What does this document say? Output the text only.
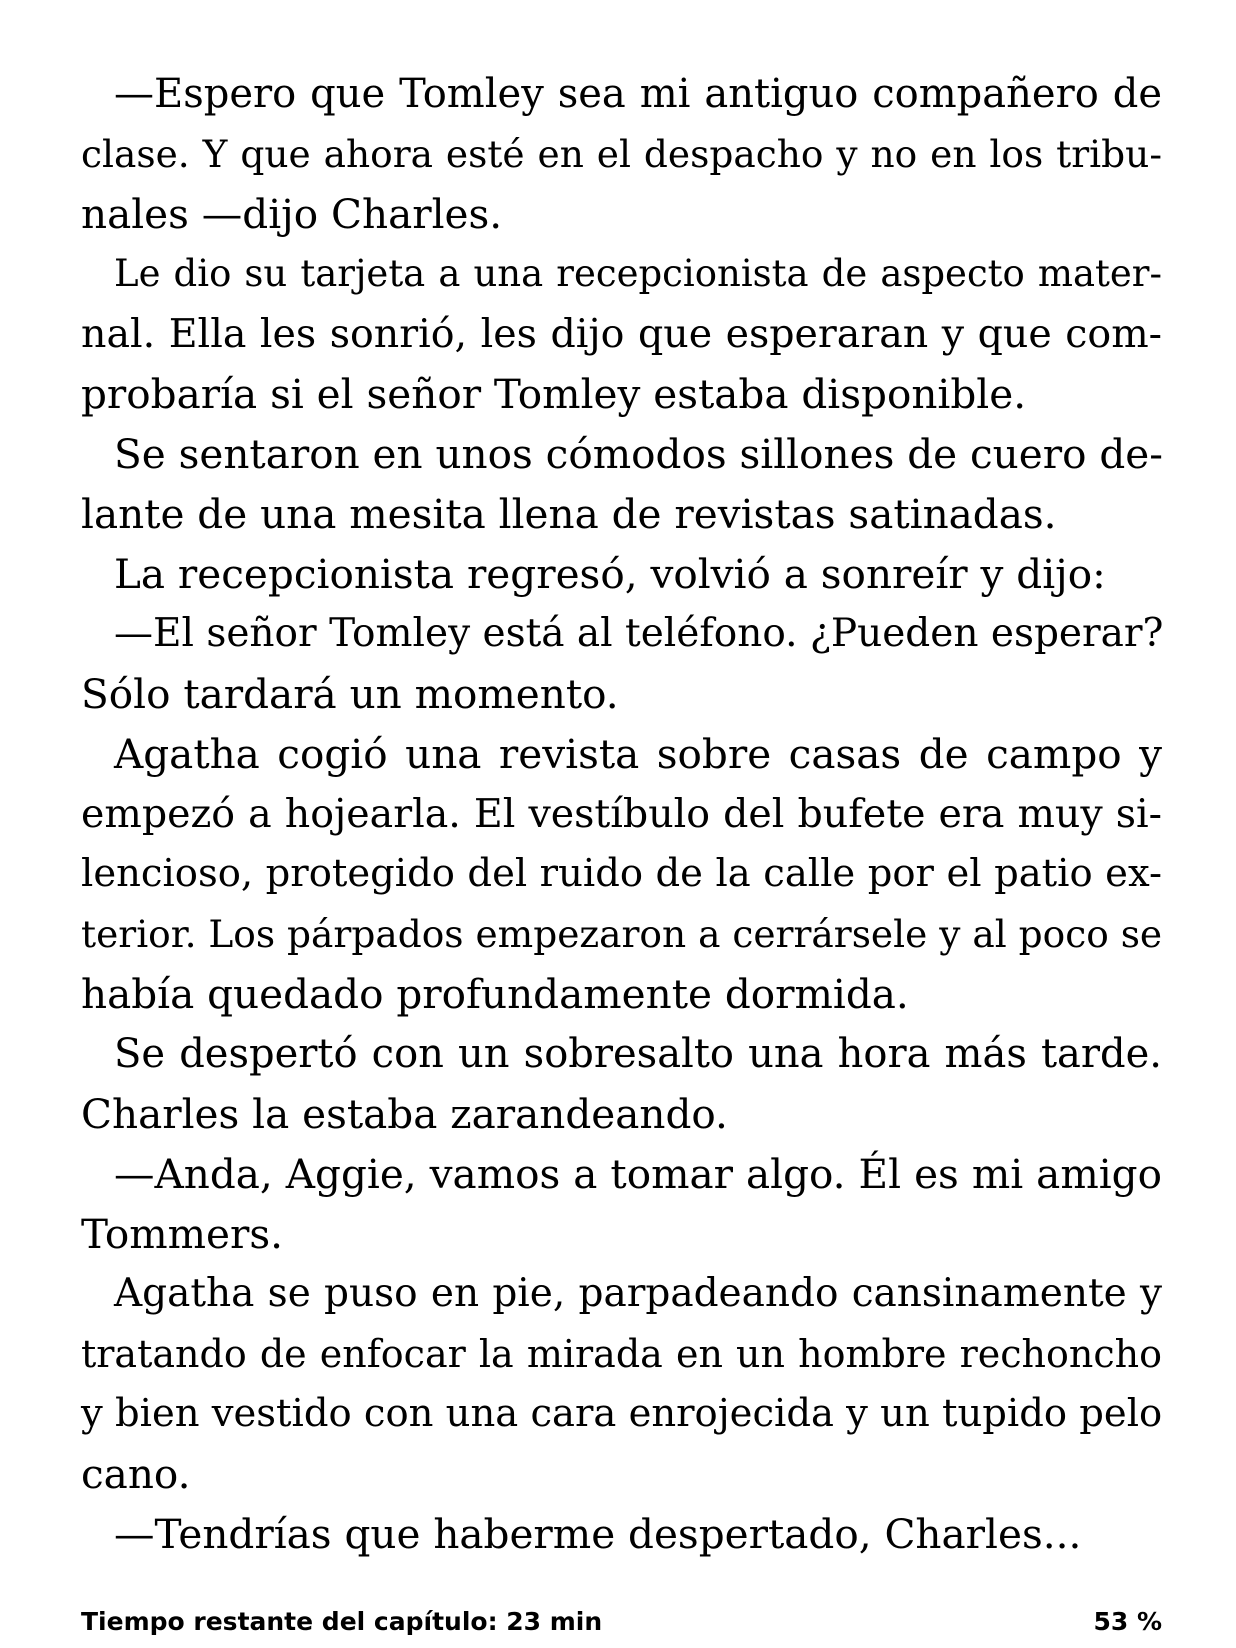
—Espero que Tomley sea mi antiguo compañero de
clase. Y que ahora esté en el despacho y no en los tribu-
nales —dijo Charles.
Le dio su tarjeta a una recepcionista de aspecto mater-
nal. Ella les sonrió, les dijo que esperaran y que com-
probaría si el señor Tomley estaba disponible.
Se sentaron en unos cómodos sillones de cuero de-
lante de una mesita llena de revistas satinadas.
La recepcionista regresó, volvió a sonreír y dijo:
—El señor Tomley está al teléfono. ¿Pueden esperar?
Sólo tardará un momento.
Agatha cogió una revista sobre casas de campo y
empezó a hojearla. El vestíbulo del bufete era muy si-
lencioso, protegido del ruido de la calle por el patio ex-
terior. Los párpados empezaron a cerrársele y al poco se
había quedado profundamente dormida.
Se despertó con un sobresalto una hora más tarde.
Charles la estaba zarandeando.
—Anda, Aggie, vamos a tomar algo. Él es mi amigo
Tommers.
Agatha se puso en pie, parpadeando cansinamente y
tratando de enfocar la mirada en un hombre rechoncho
y bien vestido con una cara enrojecida y un tupido pelo
cano.
—Tendrías que haberme despertado, Charles...
Tiempo restante del capítulo: 23 min	53 %
